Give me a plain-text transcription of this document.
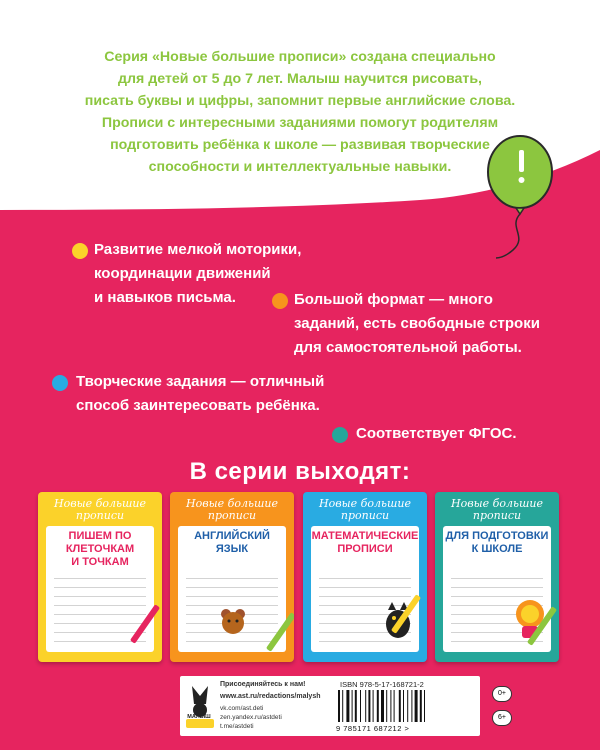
Серия «Новые большие прописи» создана специально
для детей от 5 до 7 лет. Малыш научится рисовать,
писать буквы и цифры, запомнит первые английские слова.
Прописи с интересными заданиями помогут родителям
подготовить ребёнка к школе — развивая творческие
способности и интеллектуальные навыки.
Развитие мелкой моторики,
координации движений
и навыков письма.	Большой формат — много
заданий, есть свободные строки
для самостоятельной работы.
Творческие задания — отличный
способ заинтересовать ребёнка.
Соответствует ФГОС.
В серии выходят:
Новые большие
прописи
ПИШЕМ ПО КЛЕТОЧКАМ
И ТОЧКАМ
Новые большие
прописи
АНГЛИЙСКИЙ
ЯЗЫК
Новые большие
прописи
МАТЕМАТИЧЕСКИЕ
ПРОПИСИ
Новые большие
прописи
ДЛЯ ПОДГОТОВКИ
К ШКОЛЕ
МАЛЫШ
Присоединяйтесь к нам!
www.ast.ru/redactions/malysh
vk.com/ast.deti
zen.yandex.ru/astdeti
t.me/astdeti
ISBN 978-5-17-168721-2
9 785171 687212 >
0+
6+
